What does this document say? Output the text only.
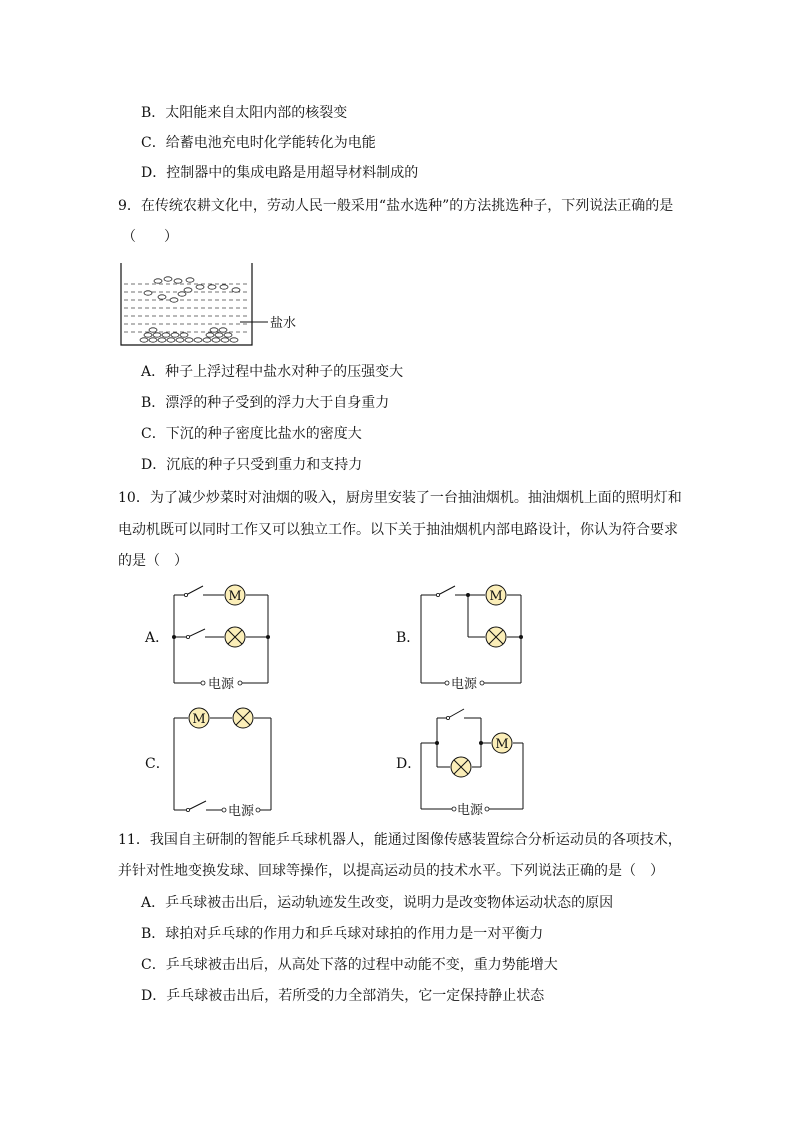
B．太阳能来自太阳内部的核裂变
C．给蓄电池充电时化学能转化为电能
D．控制器中的集成电路是用超导材料制成的
9．在传统农耕文化中，劳动人民一般采用“盐水选种”的方法挑选种子，下列说法正确的是
（　　）
盐水
A．种子上浮过程中盐水对种子的压强变大
B．漂浮的种子受到的浮力大于自身重力
C．下沉的种子密度比盐水的密度大
D．沉底的种子只受到重力和支持力
10．为了减少炒菜时对油烟的吸入，厨房里安装了一台抽油烟机。抽油烟机上面的照明灯和
电动机既可以同时工作又可以独立工作。以下关于抽油烟机内部电路设计，你认为符合要求
的是（　）
A．
M
电源
B．
M
电源
C．
M
电源
D．
M
电源
11．我国自主研制的智能乒乓球机器人，能通过图像传感装置综合分析运动员的各项技术，
并针对性地变换发球、回球等操作，以提高运动员的技术水平。下列说法正确的是（　）
A．乒乓球被击出后，运动轨迹发生改变，说明力是改变物体运动状态的原因
B．球拍对乒乓球的作用力和乒乓球对球拍的作用力是一对平衡力
C．乒乓球被击出后，从高处下落的过程中动能不变，重力势能增大
D．乒乓球被击出后，若所受的力全部消失，它一定保持静止状态
